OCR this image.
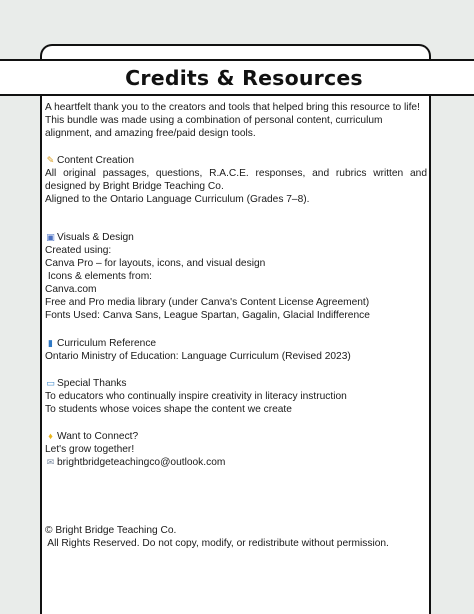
Credits & Resources

A heartfelt thank you to the creators and tools that helped bring this resource to life! This bundle was made using a combination of personal content, curriculum alignment, and amazing free/paid design tools.

✎ Content Creation

All original passages, questions, R.A.C.E. responses, and rubrics written and designed by Bright Bridge Teaching Co.

Aligned to the Ontario Language Curriculum (Grades 7–8).

▣ Visuals & Design

Created using:

Canva Pro – for layouts, icons, and visual design

Icons & elements from:

Canva.com

Free and Pro media library (under Canva's Content License Agreement)

Fonts Used: Canva Sans, League Spartan, Gagalin, Glacial Indifference

▮ Curriculum Reference

Ontario Ministry of Education: Language Curriculum (Revised 2023)

▭ Special Thanks

To educators who continually inspire creativity in literacy instruction

To students whose voices shape the content we create

♦ Want to Connect?

Let's grow together!

✉ brightbridgeteachingco@outlook.com

© Bright Bridge Teaching Co.

All Rights Reserved. Do not copy, modify, or redistribute without permission.
